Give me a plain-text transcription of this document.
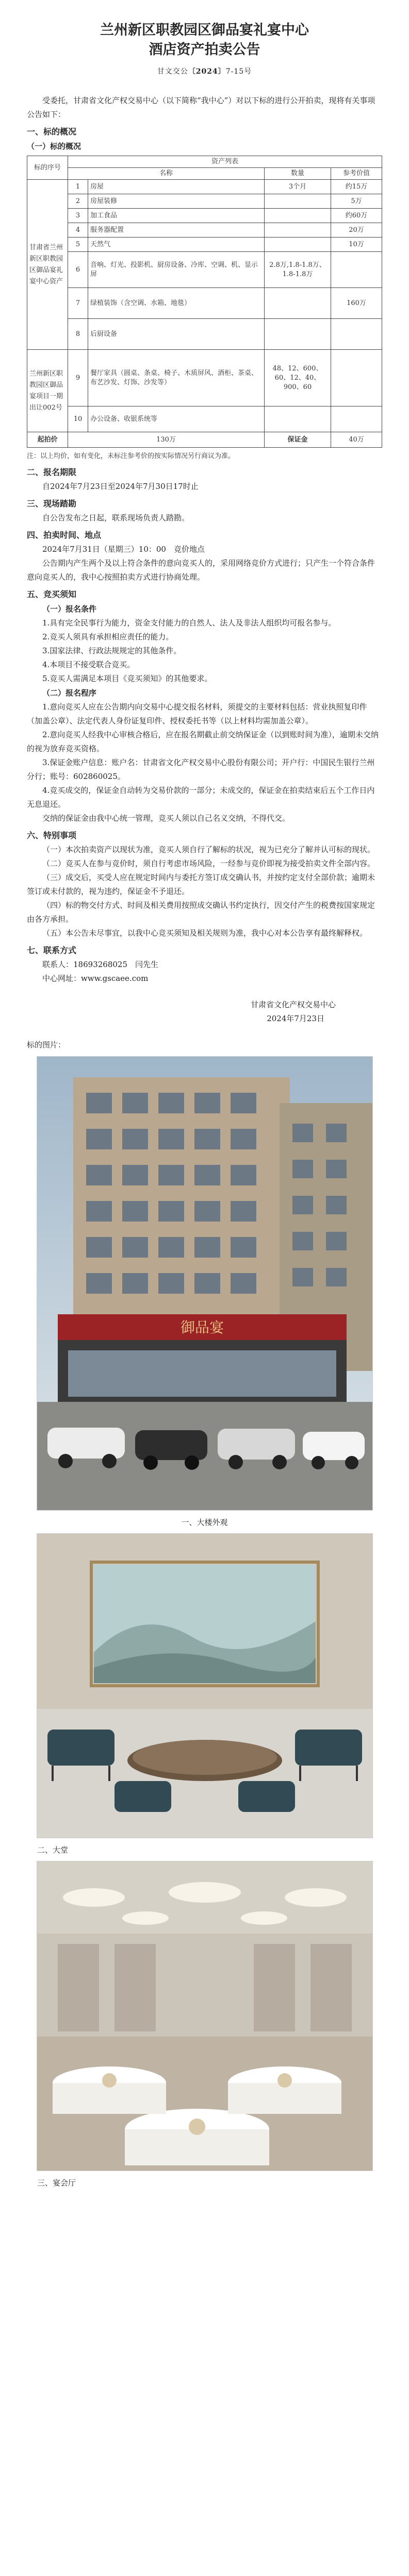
兰州新区职教园区御品宴礼宴中心
酒店资产拍卖公告
甘文交公〔2024〕7-15号

受委托，甘肃省文化产权交易中心（以下简称“我中心”）对以下标的进行公开拍卖，现将有关事项公告如下：

一、标的概况

（一）标的概况

标的序号	资产列表			
	名称		数量	参考价值
甘肃省兰州新区职教园区御品宴礼宴中心资产	1	房屋	3个月	约15万
	2	房屋装修		5万
	3	加工食品		约60万
	4	服务器配置		20万
	5	天然气		10万
	6	音响、灯光、投影机、厨房设备、冷库、空调、机、显示屏	2.8万,1.8-1.8万、1.8-1.8万	
	7	绿植装饰（含空调、水箱、地毯）		160万
	8	后厨设备		
兰州新区职教园区御品宴项目一期出让002号	9	餐厅家具（圆桌、条桌、椅子、木质屏风、酒柜、茶桌、布艺沙发、灯饰、沙发等）	48、12、600、60、12、40、900、60	
	10	办公设备、收银系统等		
起拍价	130万		保证金	40万

注：以上均价，如有变化，未标注参考价的按实际情况另行商议为准。

二、报名期限

自2024年7月23日至2024年7月30日17时止

三、现场踏勘

自公告发布之日起，联系现场负责人踏勘。

四、拍卖时间、地点

2024年7月31日（星期三）10：00　竞价地点

公告期内产生两个及以上符合条件的意向竞买人的，采用网络竞价方式进行；只产生一个符合条件意向竞买人的，我中心按照拍卖方式进行协商处理。

五、竞买须知

（一）报名条件

1.具有完全民事行为能力，资金支付能力的自然人、法人及非法人组织均可报名参与。

2.竞买人须具有承担相应责任的能力。

3.国家法律、行政法规规定的其他条件。

4.本项目不接受联合竞买。

5.竞买人需满足本项目《竞买须知》的其他要求。

（二）报名程序

1.意向竞买人应在公告期内向交易中心提交报名材料，须提交的主要材料包括：营业执照复印件（加盖公章）、法定代表人身份证复印件、授权委托书等（以上材料均需加盖公章）。

2.意向竞买人经我中心审核合格后，应在报名期截止前交纳保证金（以到账时间为准），逾期未交纳的视为放弃竞买资格。

3.保证金账户信息：账户名：甘肃省文化产权交易中心股份有限公司；开户行：中国民生银行兰州分行；账号：602860025。

4.竞买成交的，保证金自动转为交易价款的一部分；未成交的，保证金在拍卖结束后五个工作日内无息退还。

交纳的保证金由我中心统一管理，竞买人须以自己名义交纳，不得代交。

六、特别事项

（一）本次拍卖资产以现状为准，竞买人须自行了解标的状况，视为已充分了解并认可标的现状。

（二）竞买人在参与竞价时，须自行考虑市场风险，一经参与竞价即视为接受拍卖文件全部内容。

（三）成交后，买受人应在规定时间内与委托方签订成交确认书，并按约定支付全部价款；逾期未签订或未付款的，视为违约，保证金不予退还。

（四）标的物交付方式、时间及相关费用按照成交确认书约定执行，因交付产生的税费按国家规定由各方承担。

（五）本公告未尽事宜，以我中心竞买须知及相关规则为准，我中心对本公告享有最终解释权。

七、联系方式

联系人：18693268025　闫先生

中心网址：www.gscaee.com

甘肃省文化产权交易中心

2024年7月23日

标的图片：

御品宴
一、大楼外观
二、大堂
三、宴会厅
